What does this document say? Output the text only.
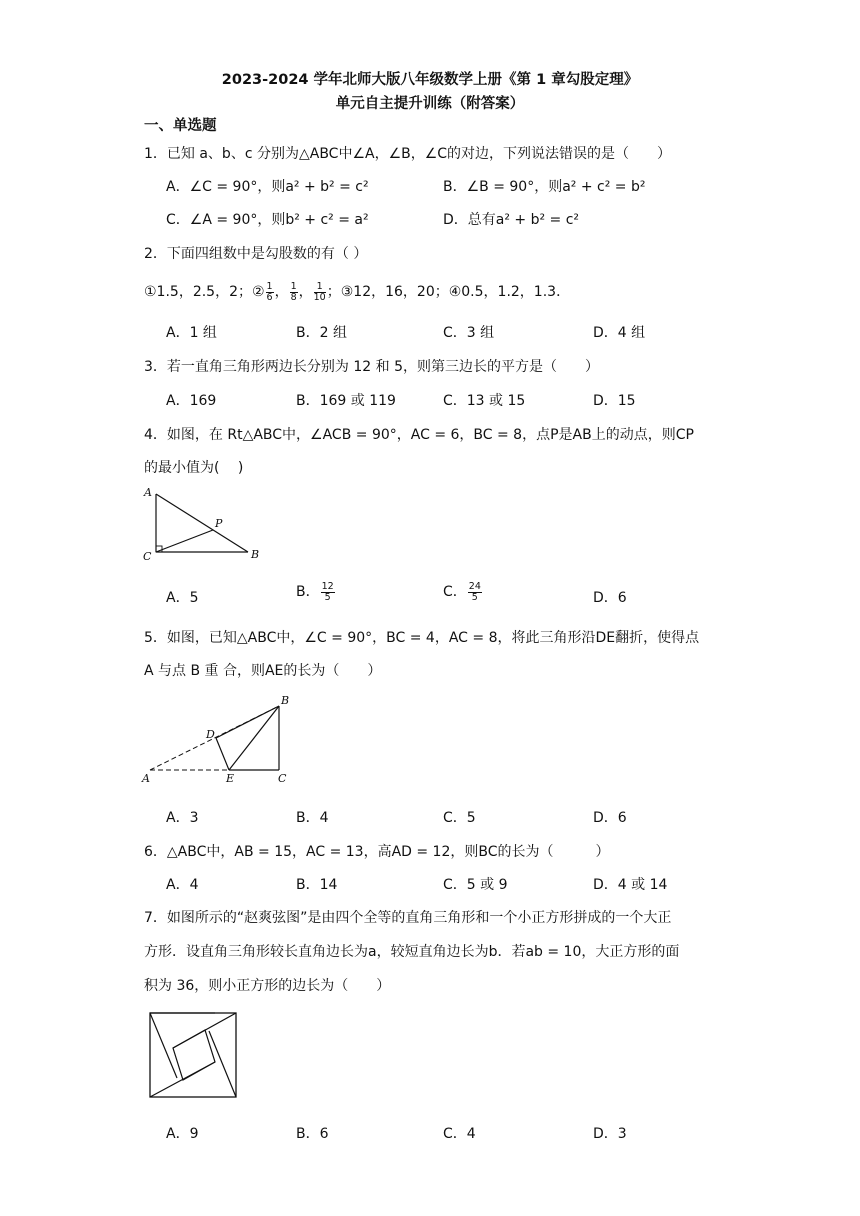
2023-2024 学年北师大版八年级数学上册《第 1 章勾股定理》
单元自主提升训练（附答案）
一、单选题
1．已知 a、b、c 分别为△ABC中∠A，∠B，∠C的对边，下列说法错误的是（　　）
A．∠C = 90°，则a² + b² = c²	B．∠B = 90°，则a² + c² = b²
C．∠A = 90°，则b² + c² = a²	D．总有a² + b² = c²
2．下面四组数中是勾股数的有（ ）
①1.5，2.5，2；② $\frac{1}{6}$ ， $\frac{1}{8}$ ， $\frac{1}{10}$ ；③12，16，20；④0.5，1.2，1.3．
A．1 组	B．2 组	C．3 组	D．4 组
3．若一直角三角形两边长分别为 12 和 5，则第三边长的平方是（　　）
A．169	B．169 或 119	C．13 或 15	D．15
4．如图，在 Rt△ABC中，∠ACB = 90°，AC = 6，BC = 8，点P是AB上的动点，则CP
的最小值为(　 )
A
P
C	B
A．5	B． $\frac{12}{5}$	C． $\frac{24}{5}$	D．6
5．如图，已知△ABC中，∠C = 90°，BC = 4，AC = 8，将此三角形沿DE翻折，使得点
A 与点 B 重 合，则AE的长为（　　）
B
D
A	E	C
A．3	B．4	C．5	D．6
6．△ABC中，AB = 15，AC = 13，高AD = 12，则BC的长为（　　　）
A．4	B．14	C．5 或 9	D．4 或 14
7．如图所示的“赵爽弦图”是由四个全等的直角三角形和一个小正方形拼成的一个大正
方形．设直角三角形较长直角边长为a，较短直角边长为b．若ab = 10，大正方形的面
积为 36，则小正方形的边长为（　　）
A．9	B．6	C．4	D．3
